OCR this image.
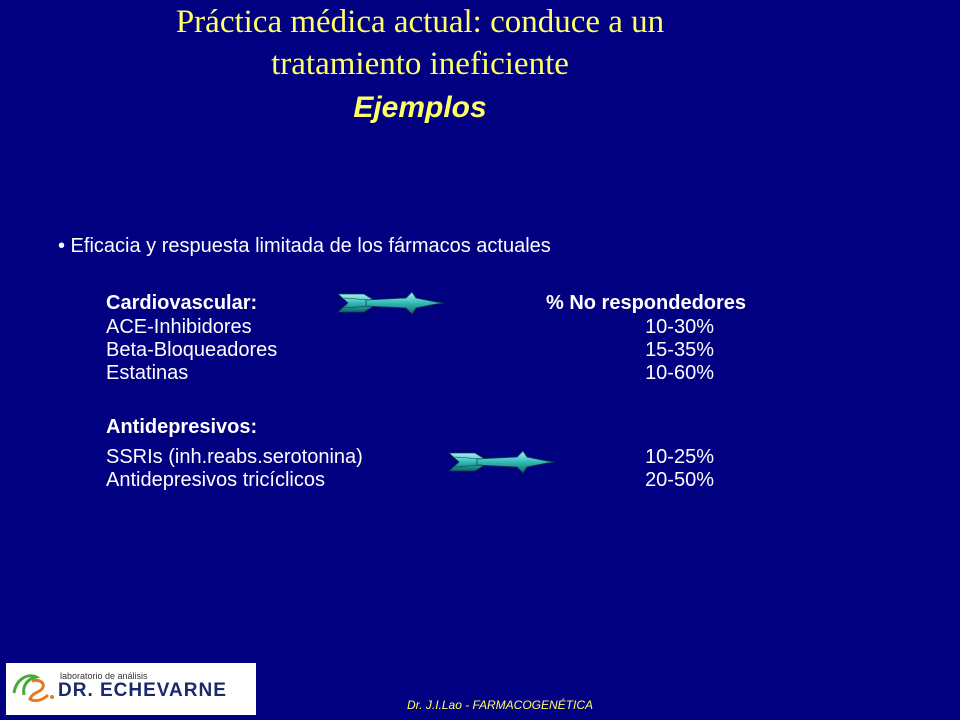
Práctica médica actual: conduce a un
tratamiento ineficiente
Ejemplos
• Eficacia y respuesta limitada de los fármacos actuales
Cardiovascular:	% No respondedores
ACE-Inhibidores	10-30%
Beta-Bloqueadores	15-35%
Estatinas	10-60%
Antidepresivos:
SSRIs (inh.reabs.serotonina)	10-25%
Antidepresivos tricíclicos	20-50%
laboratorio de análisis
DR. ECHEVARNE
Dr. J.I.Lao - FARMACOGENÉTICA
